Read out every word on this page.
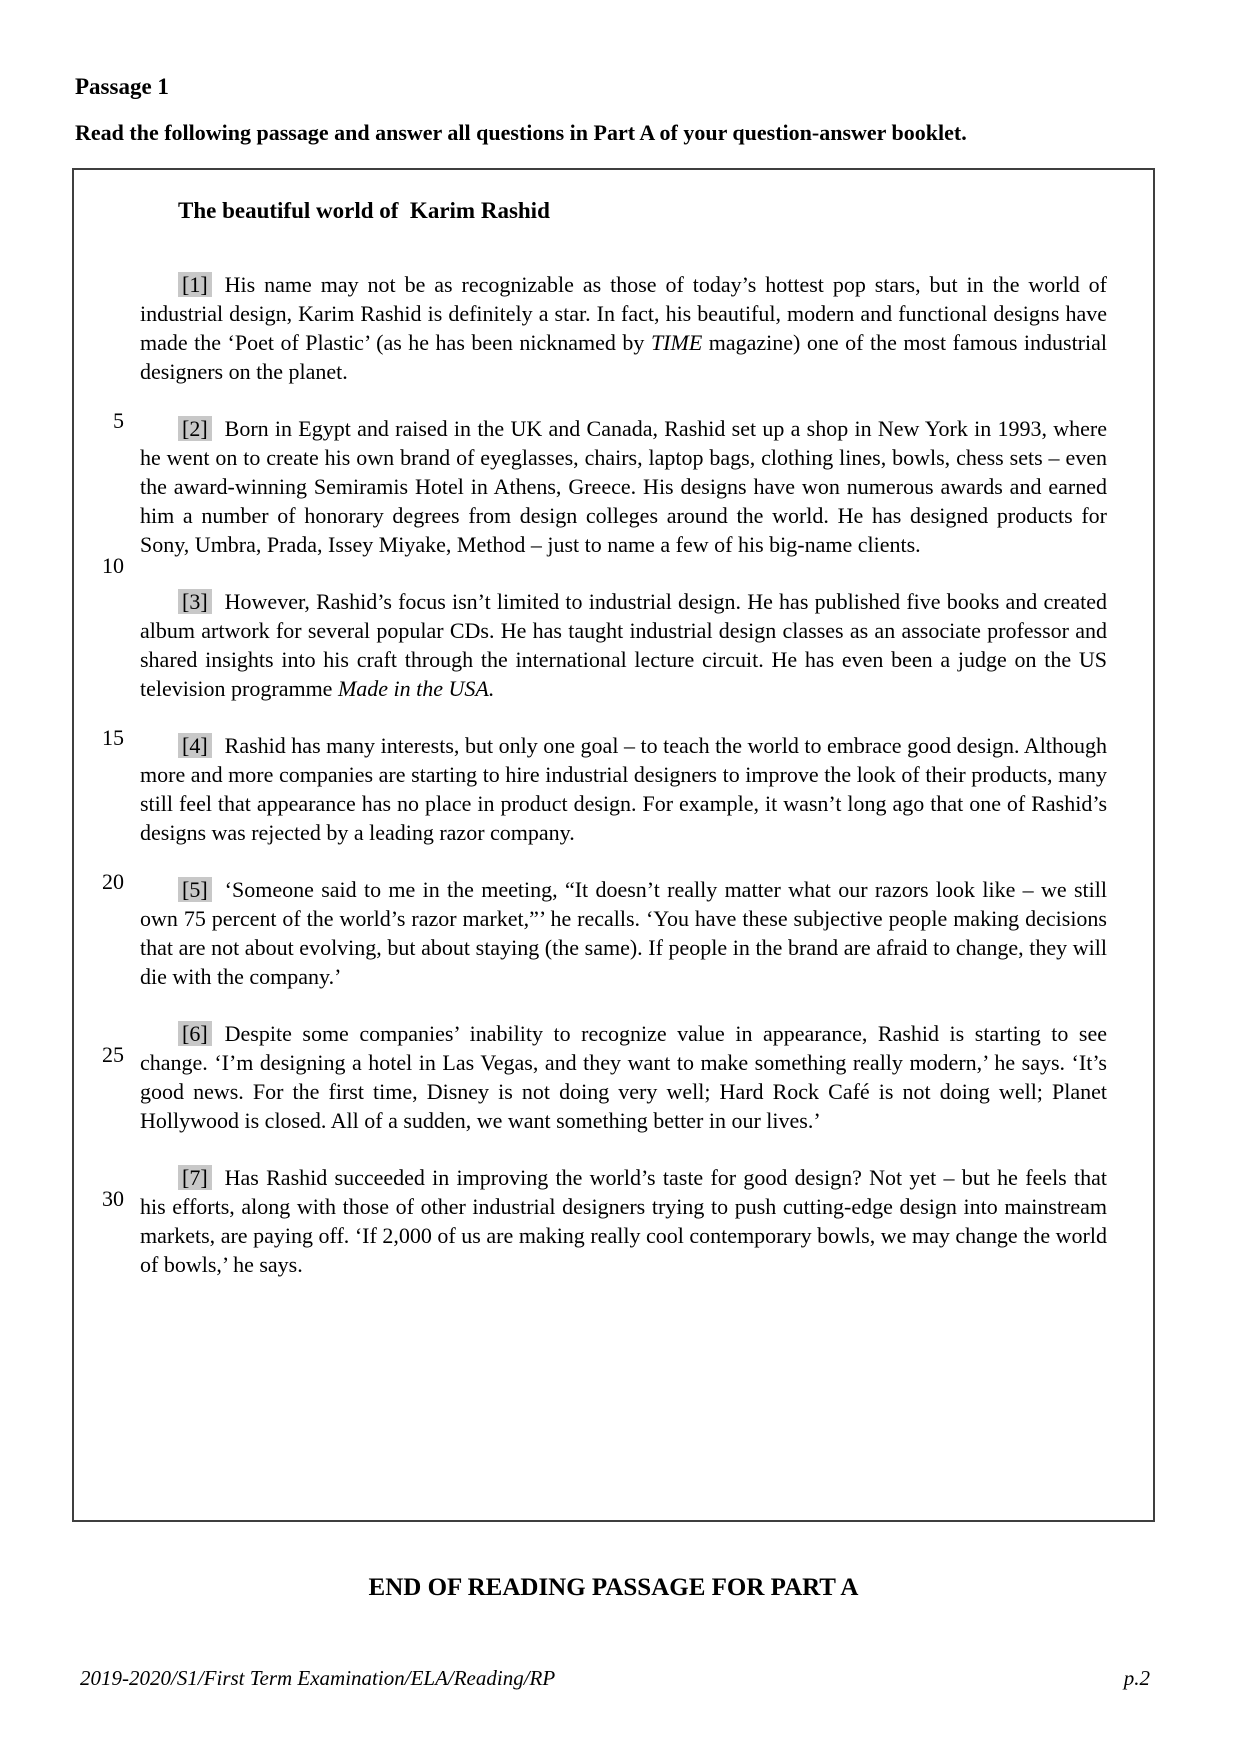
Passage 1
Read the following passage and answer all questions in Part A of your question-answer booklet.
The beautiful world of  Karim Rashid
[1] His name may not be as recognizable as those of today’s hottest pop stars, but in the world of industrial design, Karim Rashid is definitely a star. In fact, his beautiful, modern and functional designs have made the ‘Poet of Plastic’ (as he has been nicknamed by TIME magazine) one of the most famous industrial designers on the planet.
5
10
[2] Born in Egypt and raised in the UK and Canada, Rashid set up a shop in New York in 1993, where he went on to create his own brand of eyeglasses, chairs, laptop bags, clothing lines, bowls, chess sets – even the award-winning Semiramis Hotel in Athens, Greece. His designs have won numerous awards and earned him a number of honorary degrees from design colleges around the world. He has designed products for Sony, Umbra, Prada, Issey Miyake, Method – just to name a few of his big-name clients.
[3] However, Rashid’s focus isn’t limited to industrial design. He has published five books and created album artwork for several popular CDs. He has taught industrial design classes as an associate professor and shared insights into his craft through the international lecture circuit. He has even been a judge on the US television programme Made in the USA.
15	[4] Rashid has many interests, but only one goal – to teach the world to embrace good design. Although more and more companies are starting to hire industrial designers to improve the look of their products, many still feel that appearance has no place in product design. For example, it wasn’t long ago that one of Rashid’s designs was rejected by a leading razor company.
20	[5] ‘Someone said to me in the meeting, “It doesn’t really matter what our razors look like – we still own 75 percent of the world’s razor market,”’ he recalls. ‘You have these subjective people making decisions that are not about evolving, but about staying (the same). If people in the brand are afraid to change, they will die with the company.’
25
[6] Despite some companies’ inability to recognize value in appearance, Rashid is starting to see change. ‘I’m designing a hotel in Las Vegas, and they want to make something really modern,’ he says. ‘It’s good news. For the first time, Disney is not doing very well; Hard Rock Café is not doing well; Planet Hollywood is closed. All of a sudden, we want something better in our lives.’
30
[7] Has Rashid succeeded in improving the world’s taste for good design? Not yet – but he feels that his efforts, along with those of other industrial designers trying to push cutting-edge design into mainstream markets, are paying off. ‘If 2,000 of us are making really cool contemporary bowls, we may change the world of bowls,’ he says.
END OF READING PASSAGE FOR PART A
2019-2020/S1/First Term Examination/ELA/Reading/RP	p.2
